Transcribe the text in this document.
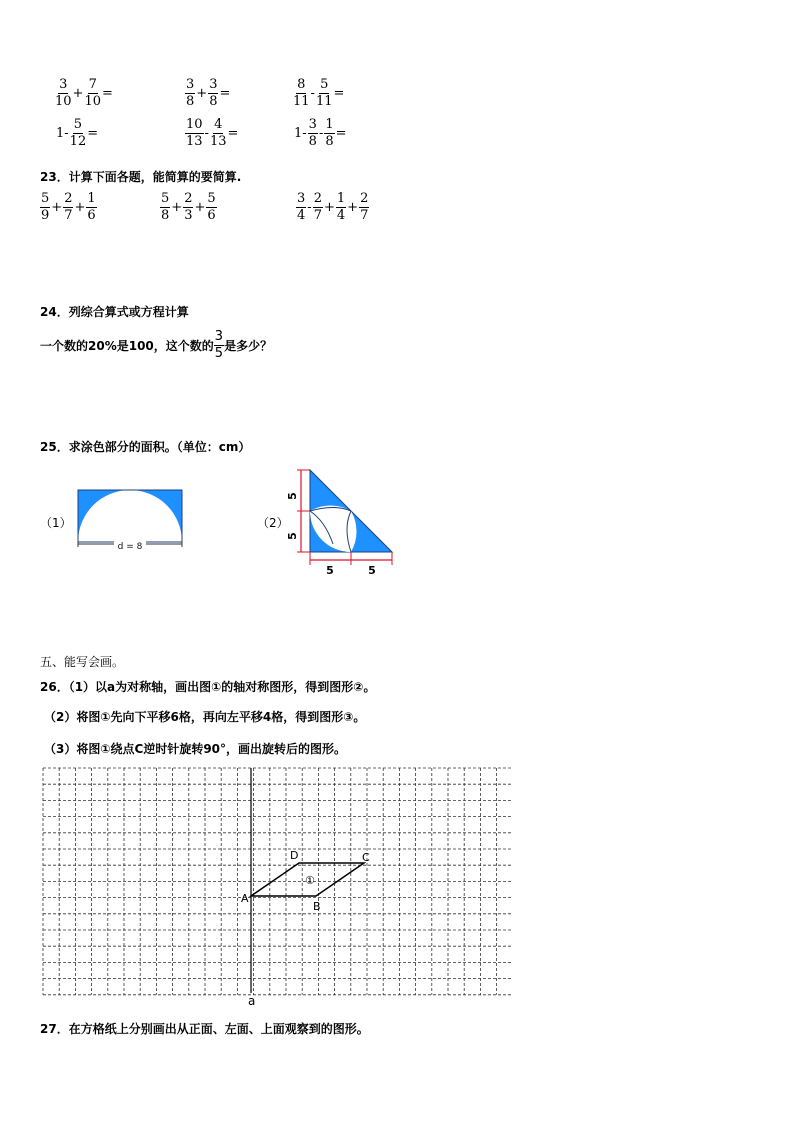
$\frac{3}{10} + \frac{7}{10}$ =	$\frac{3}{8} + \frac{3}{8}$ =	$\frac{8}{11} - \frac{5}{11}$ =
$1- \frac{5}{12}$ =	$\frac{10}{13} - \frac{4}{13}$ =	$1- \frac{3}{8} - \frac{1}{8}$ =
23．计算下面各题，能简算的要简算.
$\frac{5}{9} + \frac{2}{7} + \frac{1}{6}$	$\frac{5}{8} + \frac{2}{3} + \frac{5}{6}$	$\frac{3}{4} - \frac{2}{7} + \frac{1}{4} + \frac{2}{7}$
24．列综合算式或方程计算
一个数的20%是100，这个数的 $\frac{3}{5}$ 是多少？
25．求涂色部分的面积。（单位：cm）
（1）
d = 8
（2）
5
5
5	5
五、能写会画。
26．（1）以a为对称轴，画出图①的轴对称图形，得到图形②。
（2）将图①先向下平移6格，再向左平移4格，得到图形③。
（3）将图①绕点C逆时针旋转90°，画出旋转后的图形。
A
B
C
D
①
a
27．在方格纸上分别画出从正面、左面、上面观察到的图形。
